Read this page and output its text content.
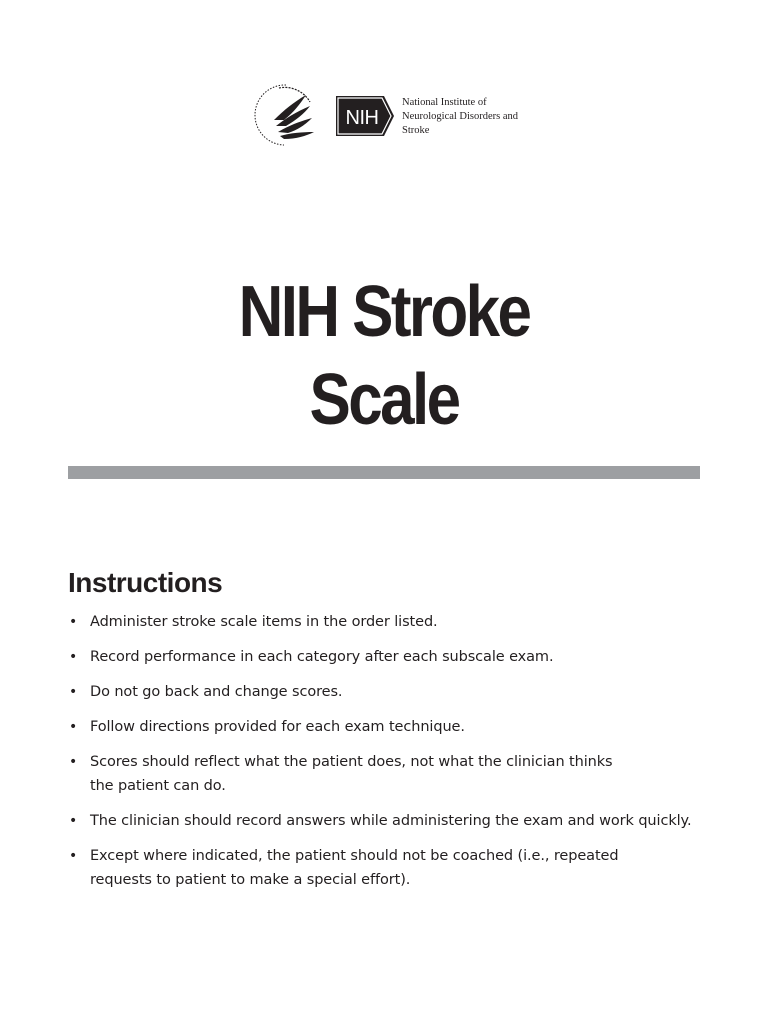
NIH
National Institute of
Neurological Disorders and
Stroke
NIH Stroke
Scale
Instructions
• Administer stroke scale items in the order listed.
• Record performance in each category after each subscale exam.
• Do not go back and change scores.
• Follow directions provided for each exam technique.
• Scores should reflect what the patient does, not what the clinician thinks
the patient can do.
• The clinician should record answers while administering the exam and work quickly.
• Except where indicated, the patient should not be coached (i.e., repeated
requests to patient to make a special effort).
